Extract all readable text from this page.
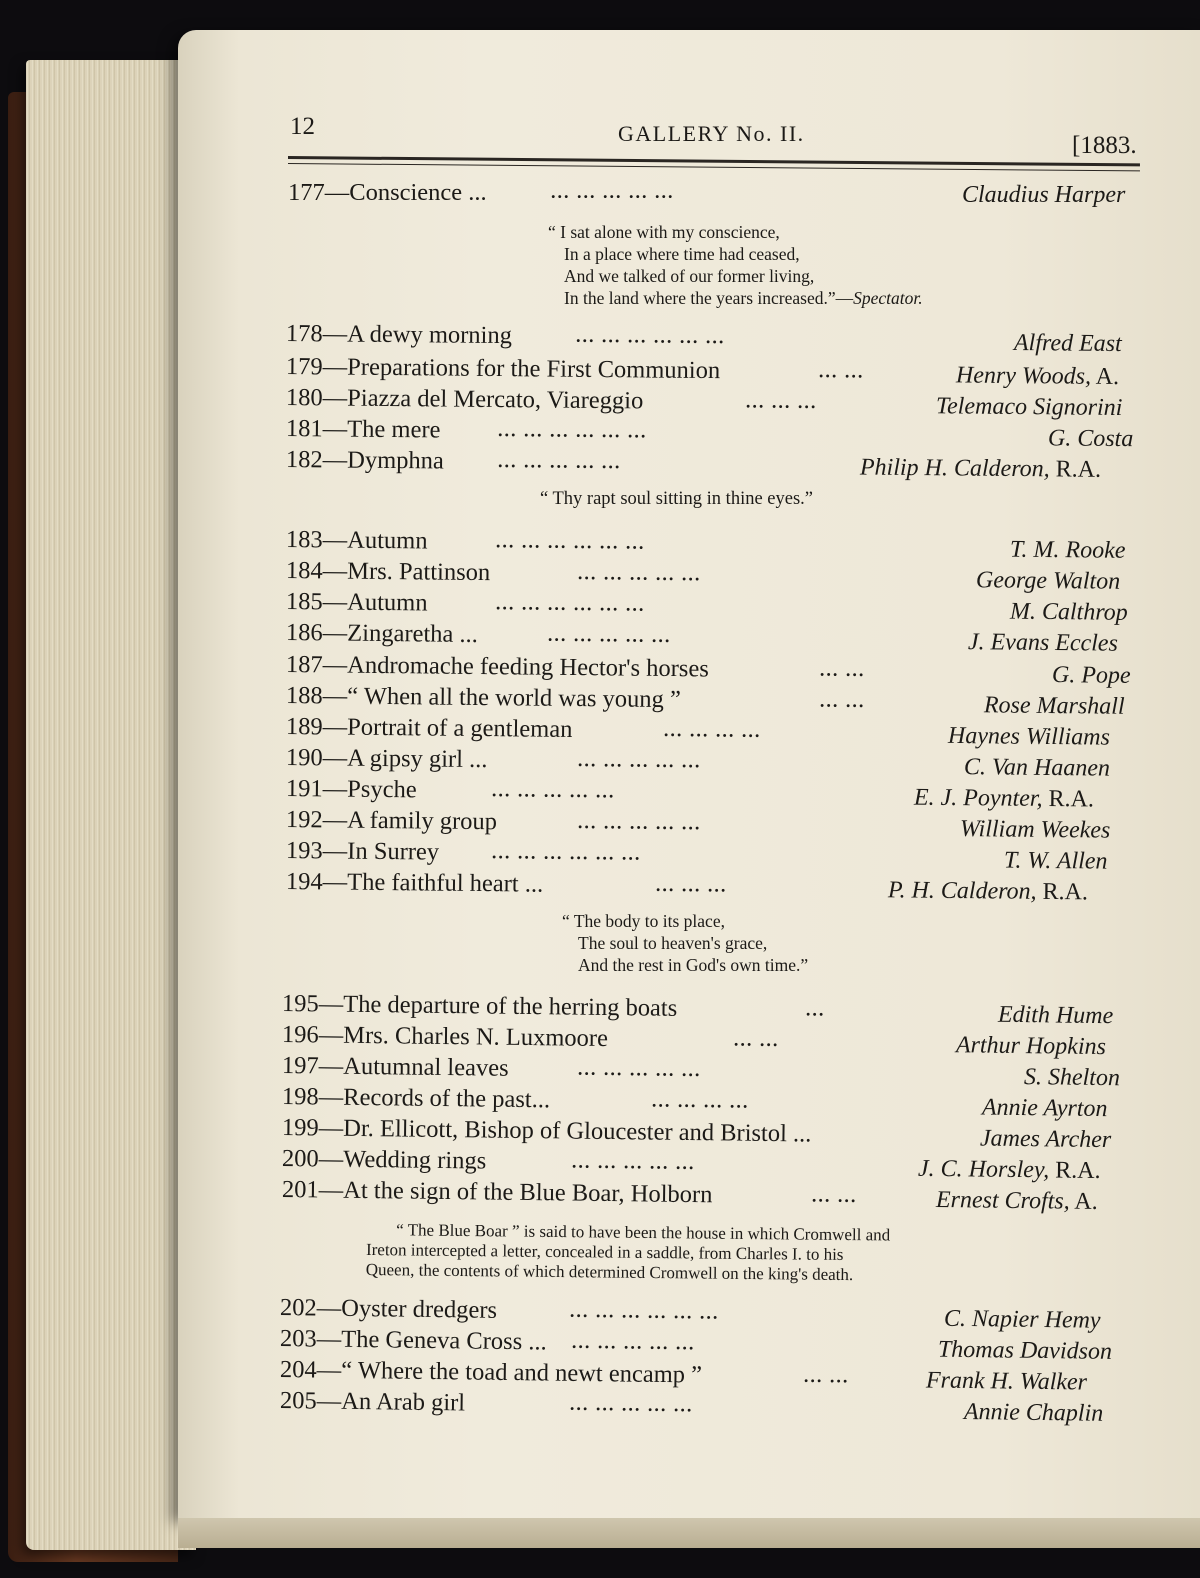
12	GALLERY No. II.	[1883.
177—Conscience ...	... ... ... ... ...	Claudius Harper
“ I sat alone with my conscience,
In a place where time had ceased,
And we talked of our former living,
In the land where the years increased.”—Spectator.
178—A dewy morning	... ... ... ... ... ...	Alfred East
179—Preparations for the First Communion	... ...	Henry Woods, A.
180—Piazza del Mercato, Viareggio	... ... ...	Telemaco Signorini
181—The mere	... ... ... ... ... ...	G. Costa
182—Dymphna	... ... ... ... ...	Philip H. Calderon, R.A.
“ Thy rapt soul sitting in thine eyes.”
183—Autumn	... ... ... ... ... ...	T. M. Rooke
184—Mrs. Pattinson	... ... ... ... ...	George Walton
185—Autumn	... ... ... ... ... ...	M. Calthrop
186—Zingaretha ...	... ... ... ... ...	J. Evans Eccles
187—Andromache feeding Hector's horses	... ...	G. Pope
188—“ When all the world was young ”	... ...	Rose Marshall
189—Portrait of a gentleman	... ... ... ...	Haynes Williams
190—A gipsy girl ...	... ... ... ... ...	C. Van Haanen
191—Psyche	... ... ... ... ...	E. J. Poynter, R.A.
192—A family group	... ... ... ... ...	William Weekes
193—In Surrey	... ... ... ... ... ...	T. W. Allen
194—The faithful heart ...	... ... ...	P. H. Calderon, R.A.
“ The body to its place,
The soul to heaven's grace,
And the rest in God's own time.”
195—The departure of the herring boats	...	Edith Hume
196—Mrs. Charles N. Luxmoore	... ...	Arthur Hopkins
197—Autumnal leaves	... ... ... ... ...	S. Shelton
198—Records of the past...	... ... ... ...	Annie Ayrton
199—Dr. Ellicott, Bishop of Gloucester and Bristol ...	James Archer
200—Wedding rings	... ... ... ... ...	J. C. Horsley, R.A.
201—At the sign of the Blue Boar, Holborn	... ...	Ernest Crofts, A.
“ The Blue Boar ” is said to have been the house in which Cromwell and
Ireton intercepted a letter, concealed in a saddle, from Charles I. to his
Queen, the contents of which determined Cromwell on the king's death.
202—Oyster dredgers	... ... ... ... ... ...	C. Napier Hemy
203—The Geneva Cross ... ... ... ... ... ...	Thomas Davidson
204—“ Where the toad and newt encamp ”	... ...	Frank H. Walker
205—An Arab girl	... ... ... ... ...	Annie Chaplin
